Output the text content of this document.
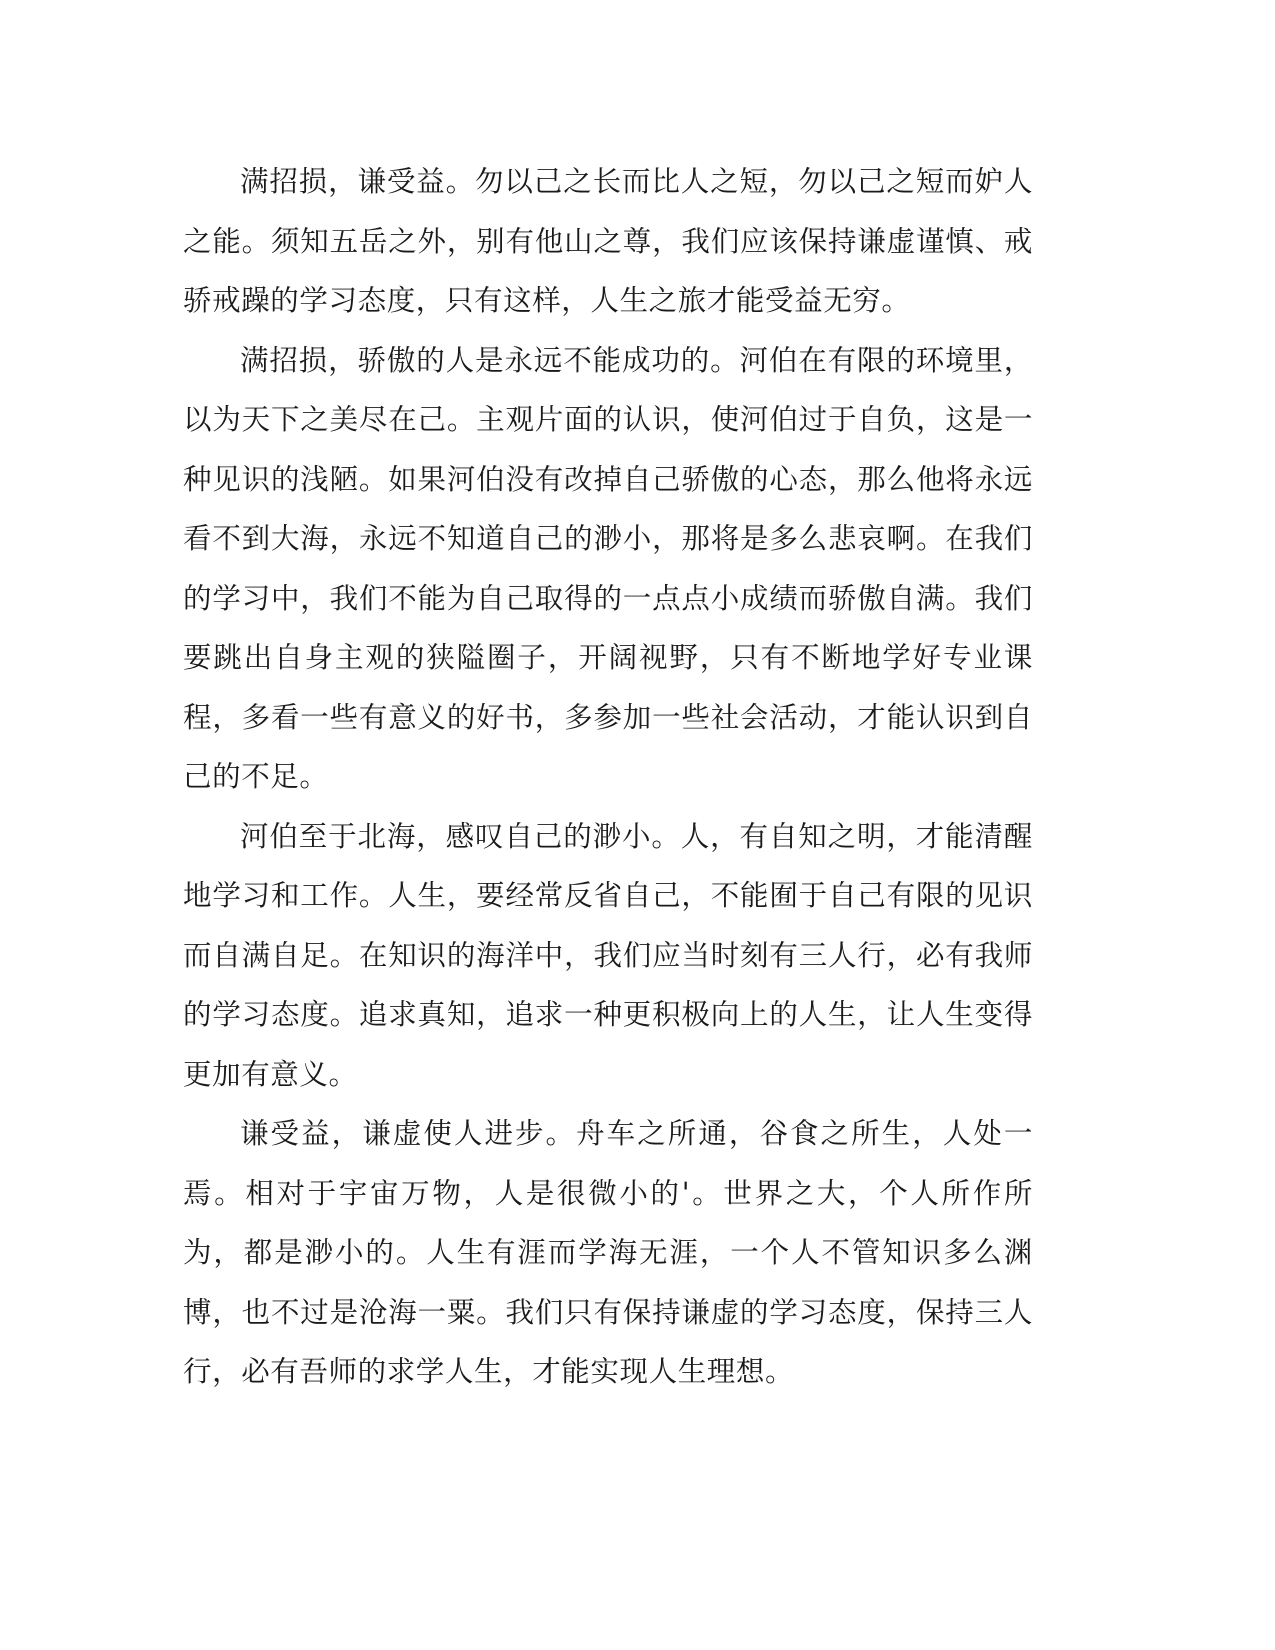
满招损，谦受益。勿以己之长而比人之短，勿以己之短而妒人之能。须知五岳之外，别有他山之尊，我们应该保持谦虚谨慎、戒骄戒躁的学习态度，只有这样，人生之旅才能受益无穷。

满招损，骄傲的人是永远不能成功的。河伯在有限的环境里，以为天下之美尽在己。主观片面的认识，使河伯过于自负，这是一种见识的浅陋。如果河伯没有改掉自己骄傲的心态，那么他将永远看不到大海，永远不知道自己的渺小，那将是多么悲哀啊。在我们的学习中，我们不能为自己取得的一点点小成绩而骄傲自满。我们要跳出自身主观的狭隘圈子，开阔视野，只有不断地学好专业课程，多看一些有意义的好书，多参加一些社会活动，才能认识到自己的不足。

河伯至于北海，感叹自己的渺小。人，有自知之明，才能清醒地学习和工作。人生，要经常反省自己，不能囿于自己有限的见识而自满自足。在知识的海洋中，我们应当时刻有三人行，必有我师的学习态度。追求真知，追求一种更积极向上的人生，让人生变得更加有意义。

谦受益，谦虚使人进步。舟车之所通，谷食之所生，人处一焉。相对于宇宙万物，人是很微小的'。世界之大，个人所作所为，都是渺小的。人生有涯而学海无涯，一个人不管知识多么渊博，也不过是沧海一粟。我们只有保持谦虚的学习态度，保持三人行，必有吾师的求学人生，才能实现人生理想。
